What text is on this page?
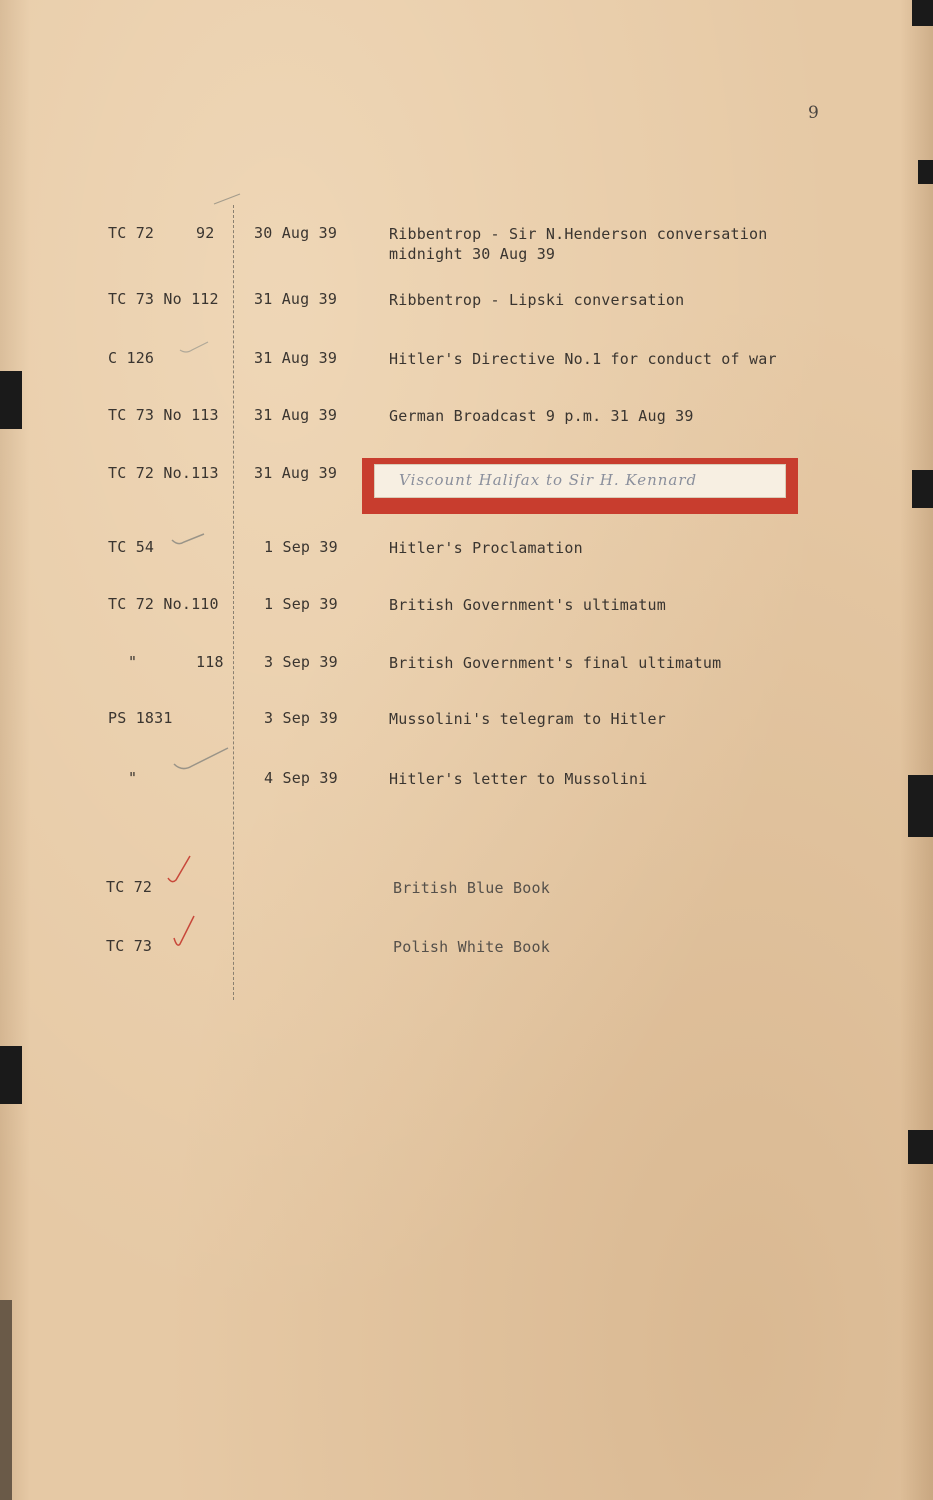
9
TC 72	92	30 Aug 39	Ribbentrop - Sir N.Henderson conversation midnight 30 Aug 39
TC 73 No 112	31 Aug 39	Ribbentrop - Lipski conversation
C 126	31 Aug 39	Hitler's Directive No.1 for conduct of war
TC 73 No 113	31 Aug 39	German Broadcast 9 p.m. 31 Aug 39
TC 72 No.113	31 Aug 39	Viscount Halifax to Sir H. Kennard
TC 54	1 Sep 39	Hitler's Proclamation
TC 72 No.110	1 Sep 39	British Government's ultimatum
"	118	3 Sep 39	British Government's final ultimatum
PS 1831	3 Sep 39	Mussolini's telegram to Hitler
"	4 Sep 39	Hitler's letter to Mussolini
TC 72	British Blue Book
TC 73	Polish White Book
